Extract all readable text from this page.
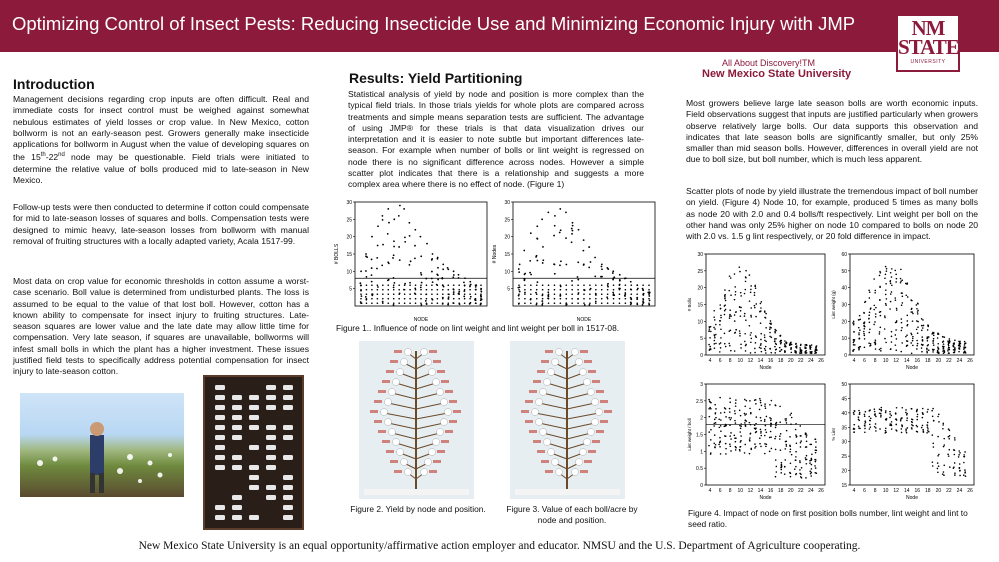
Optimizing Control of Insect Pests: Reducing Insecticide Use and Minimizing Economic Injury with JMP	NM STATE
UNIVERSITY
All About Discovery!TM
New Mexico State University
Introduction

Management decisions regarding crop inputs are often difficult. Real and immediate costs for insect control must be weighed against somewhat nebulous estimates of yield losses or crop value. In New Mexico, cotton bollworm is not an early-season pest. Growers generally make insecticide applications for bollworm in August when the value of developing squares on the 15th-22nd node may be questionable. Field trials were initiated to determine the relative value of bolls produced mid to late-season in New Mexico.

Follow-up tests were then conducted to determine if cotton could compensate for mid to late-season losses of squares and bolls. Compensation tests were designed to mimic heavy, late-season losses from bollworm with manual removal of fruiting structures with a locally adapted variety, Acala 1517-99.

Most data on crop value for economic thresholds in cotton assume a worst-case scenario. Boll value is determined from undisturbed plants. The loss is assumed to be equal to the value of that lost boll. However, cotton has a known ability to compensate for insect injury to fruiting structures. Late-season squares are lower value and the late date may allow little time for compensation. Very late season, if squares are unavailable, bollworms will infest small bolls in which the plant has a higher investment. These issues justified field tests to specifically address potential compensation for insect injury to late-season cotton.

Results: Yield Partitioning

Statistical analysis of yield by node and position is more complex than the typical field trials. In those trials yields for whole plots are compared across treatments and simple means separation tests are sufficient. The advantage of using JMP® for these trials is that data visualization drives our interpretation and it is easier to note subtle but important differences late-season. For example when number of bolls or lint weight is regressed on node there is no significant difference across nodes. However a simple scatter plot indicates that there is a relationship and suggests a more complex area where there is no effect of node. (Figure 1)

5
10
15
20
25
30
# BOLLS
NODE
5
10
15
20
25
30
# Nodes
NODE

Figure 1.. Influence of node on lint weight and lint weight per boll in 1517-08.

Figure 2. Yield by node and position.	Figure 3. Value of each boll/acre by node and position.

Most growers believe large late season bolls are worth economic inputs. Field observations suggest that inputs are justified particularly when growers observe relatively large bolls. Our data supports this observation and indicates that late season bolls are significantly smaller, but only 25% smaller than mid season bolls. However, differences in overall yield are not due to boll size, but boll number, which is much less apparent.

Scatter plots of node by yield illustrate the tremendous impact of boll number on yield. (Figure 4) Node 10, for example, produced 5 times as many bolls as node 20 with 2.0 and 0.4 bolls/ft respectively. Lint weight per boll on the other hand was only 25% higher on node 10 compared to bolls on node 20 with 2.0 vs. 1.5 g lint respectively, or 20 fold difference in impact.

0
5
10
15
20
25
30
4 6 8 10 12 14 16 18 20 22 24 26
Node
# Bolls
0
10
20
30
40
50
60
4 6 8 10 12 14 16 18 20 22 24 26
Node
Lint weight (g)
0
0.5
1
1.5
2
2.5
3
4 6 8 10 12 14 16 18 20 22 24 26
Node
Lint weight / boll
15
20
25
30
35
40
45
50
4 6 8 10 12 14 16 18 20 22 24 26
Node
% Lint

Figure 4. Impact of node on first position bolls number, lint weight and lint to seed ratio.

New Mexico State University is an equal opportunity/affirmative action employer and educator. NMSU and the U.S. Department of Agriculture cooperating.
